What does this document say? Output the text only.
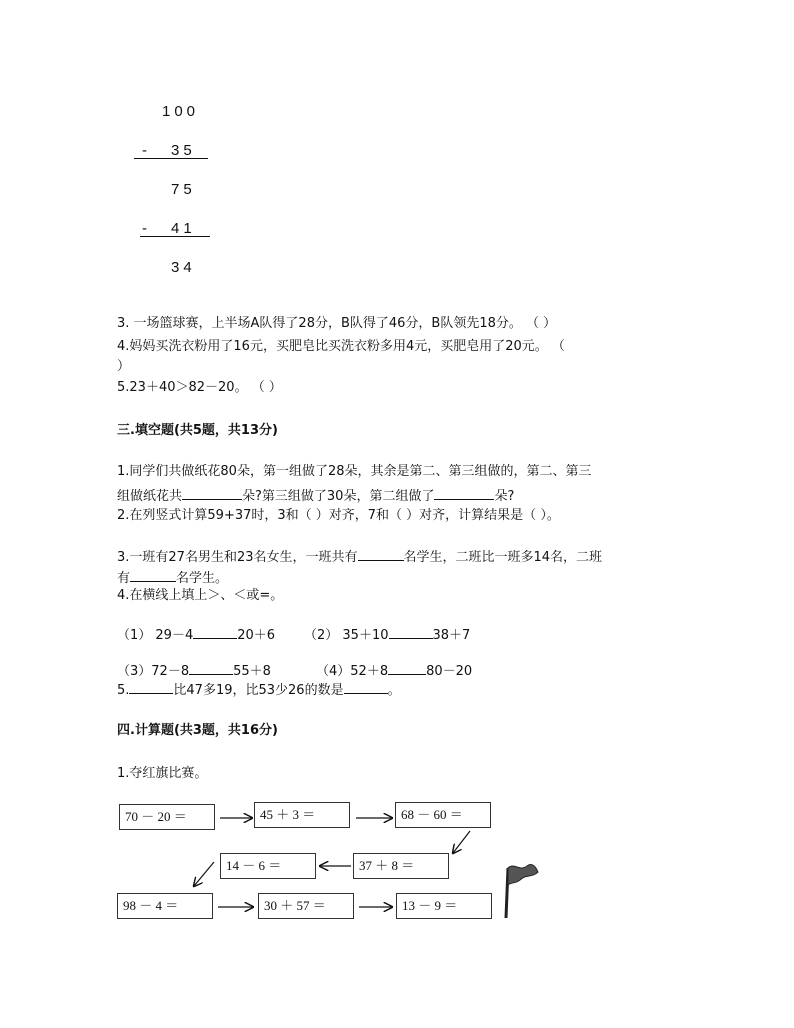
100
- 35
75
- 41
34
3. 一场篮球赛，上半场A队得了28分，B队得了46分，B队领先18分。 （ ）
4.妈妈买洗衣粉用了16元，买肥皂比买洗衣粉多用4元，买肥皂用了20元。 （
）
5.23＋40＞82－20。 （ ）
三.填空题(共5题，共13分)
1.同学们共做纸花80朵，第一组做了28朵，其余是第二、第三组做的，第二、第三
组做纸花共	朵?第三组做了30朵，第二组做了	朵?
2.在列竖式计算59+37时，3和（ ）对齐，7和（ ）对齐，计算结果是（ ）。
3.一班有27名男生和23名女生，一班共有	名学生，二班比一班多14名，二班
有	名学生。
4.在横线上填上＞、＜或=。
（1） 29－4	20＋6 （2） 35＋10	38＋7
（3）72－8	55＋8	（4）52＋8	80－20
5.	比47多19，比53少26的数是	。
四.计算题(共3题，共16分)
1.夺红旗比赛。
70 － 20 ＝	45 ＋ 3 ＝	68 － 60 ＝
14 － 6 ＝	37 ＋ 8 ＝
98 － 4 ＝	30 ＋ 57 ＝	13 － 9 ＝
